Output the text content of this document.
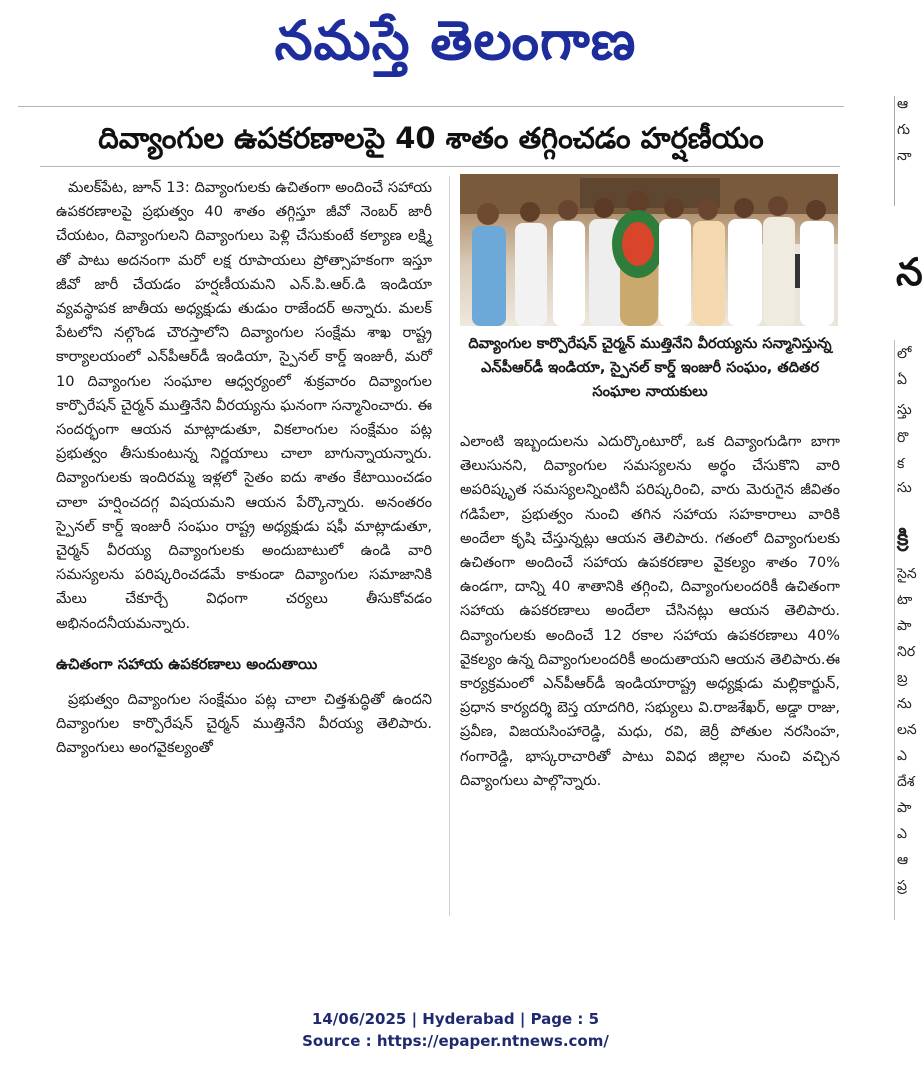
నమస్తే తెలంగాణ
దివ్యాంగుల ఉపకరణాలపై 40 శాతం తగ్గించడం హర్షణీయం

మలక్‌పేట, జూన్ 13: దివ్యాంగులకు ఉచితంగా అందించే సహాయ ఉపకరణాలపై ప్రభుత్వం 40 శాతం తగ్గిస్తూ జీవో నెంబర్ జారీ చేయటం, దివ్యాంగులని దివ్యాంగులు పెళ్లి చేసుకుంటే కల్యాణ లక్ష్మి తో పాటు అదనంగా మరో లక్ష రూపాయలు ప్రోత్సాహకంగా ఇస్తూ జీవో జారీ చేయడం హర్షణీయమని ఎన్.పి.ఆర్.డి ఇండియా వ్యవస్థాపక జాతీయ అధ్యక్షుడు తుడుం రాజేందర్ అన్నారు. మలక్ పేటలోని నల్గొండ చౌరస్తాలోని దివ్యాంగుల సంక్షేమ శాఖ రాష్ట్ర కార్యాలయంలో ఎన్‌పీఆర్‌డీ ఇండియా, స్పైనల్ కార్డ్ ఇంజురీ, మరో 10 దివ్యాంగుల సంఘాల ఆధ్వర్యంలో శుక్రవారం దివ్యాంగుల కార్పొరేషన్ చైర్మన్ ముత్తినేని వీరయ్యను ఘనంగా సన్మానించారు. ఈ సందర్భంగా ఆయన మాట్లాడుతూ, వికలాంగుల సంక్షేమం పట్ల ప్రభుత్వం తీసుకుంటున్న నిర్ణయాలు చాలా బాగున్నాయన్నారు. దివ్యాంగులకు ఇందిరమ్మ ఇళ్లలో సైతం ఐదు శాతం కేటాయించడం చాలా హర్షించదగ్గ విషయమని ఆయన పేర్కొన్నారు. అనంతరం స్పైనల్ కార్డ్ ఇంజురీ సంఘం రాష్ట్ర అధ్యక్షుడు షఫీ మాట్లాడుతూ, చైర్మన్ వీరయ్య దివ్యాంగులకు అందుబాటులో ఉండి వారి సమస్యలను పరిష్కరించడమే కాకుండా దివ్యాంగుల సమాజానికి మేలు చేకూర్చే విధంగా చర్యలు తీసుకోవడం అభినందనీయమన్నారు.

ఉచితంగా సహాయ ఉపకరణాలు అందుతాయి

ప్రభుత్వం దివ్యాంగుల సంక్షేమం పట్ల చాలా చిత్తశుద్ధితో ఉందని దివ్యాంగుల కార్పొరేషన్ చైర్మన్ ముత్తినేని వీరయ్య తెలిపారు. దివ్యాంగులు అంగవైకల్యంతో

దివ్యాంగుల కార్పొరేషన్ చైర్మన్ ముత్తినేని వీరయ్యను సన్మానిస్తున్న ఎన్‌పీఆర్‌డీ ఇండియా, స్పైనల్ కార్డ్ ఇంజురీ సంఘం, తదితర సంఘాల నాయకులు

ఎలాంటి ఇబ్బందులను ఎదుర్కొంటూరో, ఒక దివ్యాంగుడిగా బాగా తెలుసునని, దివ్యాంగుల సమస్యలను అర్థం చేసుకొని వారి అపరిష్కృత సమస్యలన్నింటినీ పరిష్కరించి, వారు మెరుగైన జీవితం గడిపేలా, ప్రభుత్వం నుంచి తగిన సహాయ సహకారాలు వారికి అందేలా కృషి చేస్తున్నట్లు ఆయన తెలిపారు. గతంలో దివ్యాంగులకు ఉచితంగా అందించే సహాయ ఉపకరణాల వైకల్యం శాతం 70% ఉండగా, దాన్ని 40 శాతానికి తగ్గించి, దివ్యాంగులందరికీ ఉచితంగా సహాయ ఉపకరణాలు అందేలా చేసినట్లు ఆయన తెలిపారు. దివ్యాంగులకు అందించే 12 రకాల సహాయ ఉపకరణాలు 40% వైకల్యం ఉన్న దివ్యాంగులందరికీ అందుతాయని ఆయన తెలిపారు.ఈ కార్యక్రమంలో ఎన్‌పీఆర్‌డీ ఇండియారాష్ట్ర అధ్యక్షుడు మల్లికార్జున్, ప్రధాన కార్యదర్శి బెస్త యాదగిరి, సభ్యులు వి.రాజశేఖర్, అడ్డా రాజు, ప్రవీణ, విజయసింహారెడ్డి, మధు, రవి, జెర్రీ పోతుల నరసింహ, గంగారెడ్డి, భాస్కరాచారితో పాటు వివిధ జిల్లాల నుంచి వచ్చిన దివ్యాంగులు పాల్గొన్నారు.

ఆ
గు
నా
న
లో
ఏ
స్తు
రొ
క
సు
క్రి
సైన
టా
పా
నిర
బ్ర
ను
లన
ఎ
దేశ
పా
ఎ
ఆ
ప్ర
14/06/2025 | Hyderabad | Page : 5
Source : https://epaper.ntnews.com/
